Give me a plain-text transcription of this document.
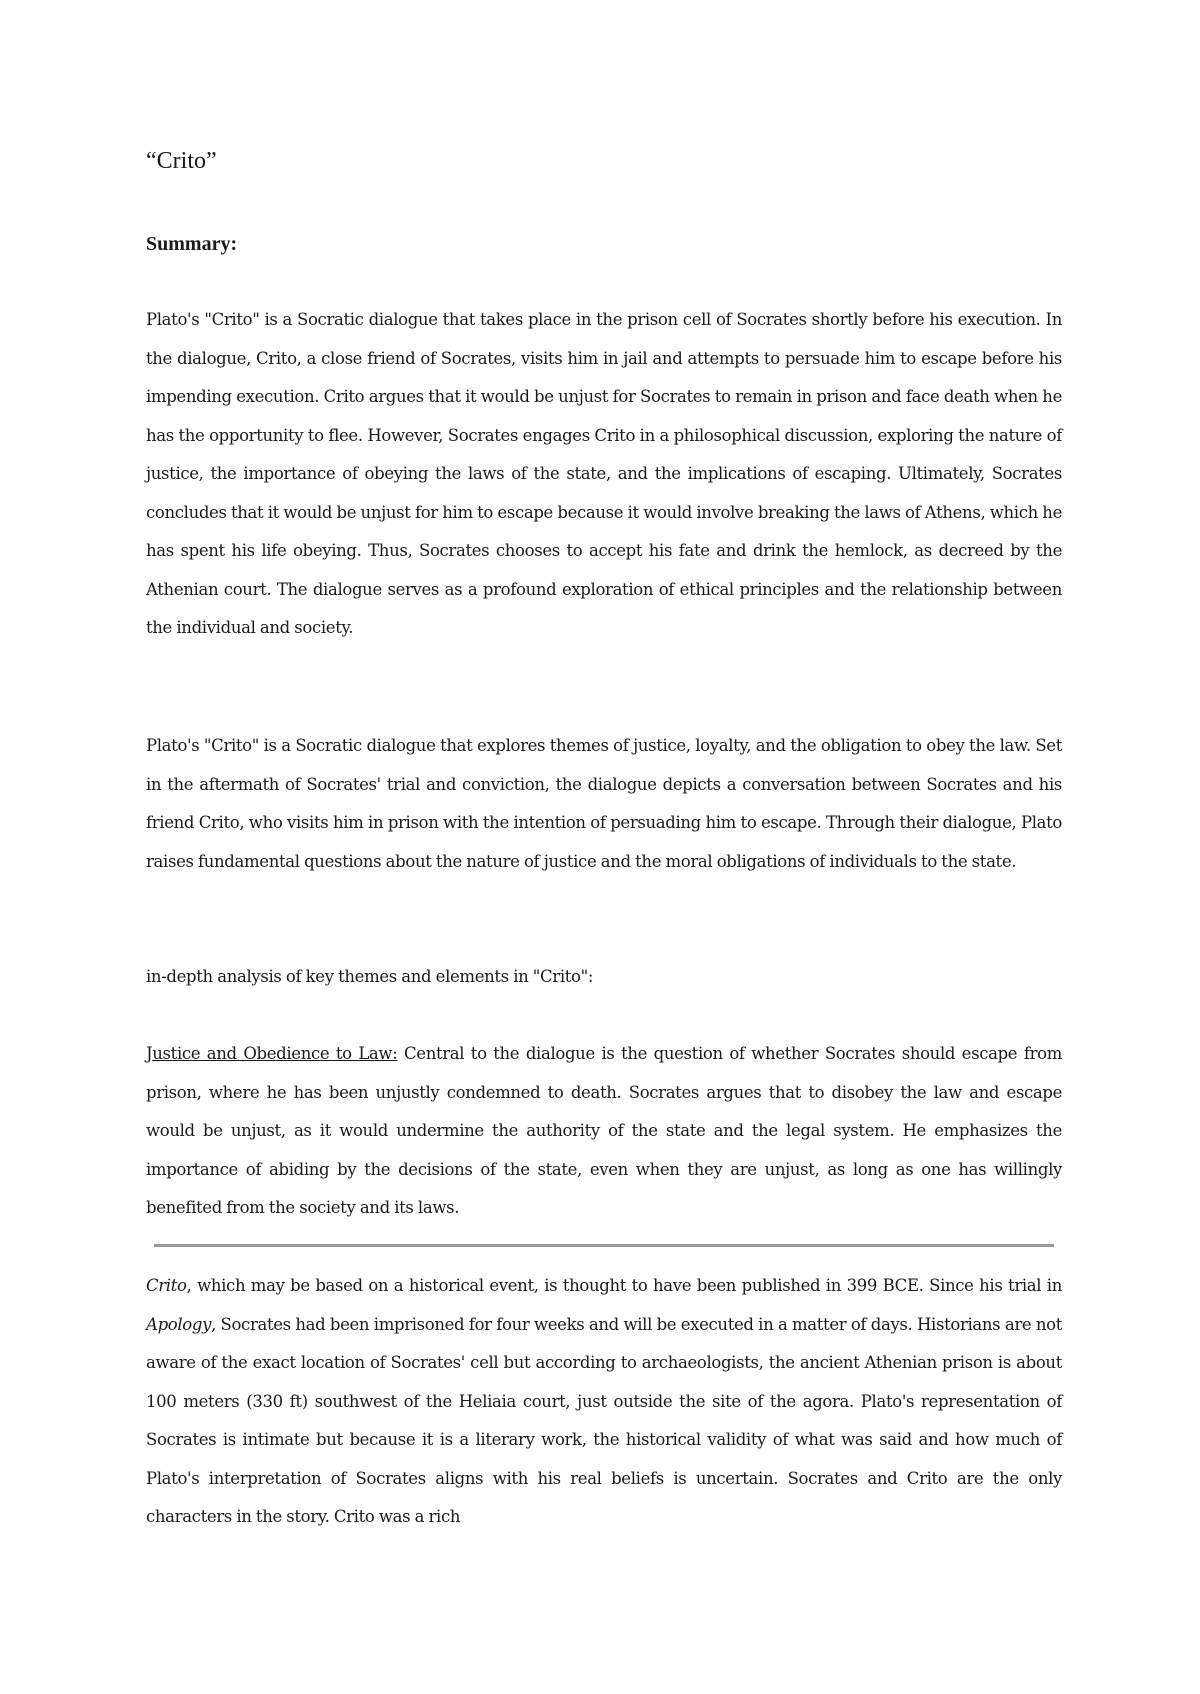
“Crito”
Summary:

Plato's "Crito" is a Socratic dialogue that takes place in the prison cell of Socrates shortly before his execution. In the dialogue, Crito, a close friend of Socrates, visits him in jail and attempts to persuade him to escape before his impending execution. Crito argues that it would be unjust for Socrates to remain in prison and face death when he has the opportunity to flee. However, Socrates engages Crito in a philosophical discussion, exploring the nature of justice, the importance of obeying the laws of the state, and the implications of escaping. Ultimately, Socrates concludes that it would be unjust for him to escape because it would involve breaking the laws of Athens, which he has spent his life obeying. Thus, Socrates chooses to accept his fate and drink the hemlock, as decreed by the Athenian court. The dialogue serves as a profound exploration of ethical principles and the relationship between the individual and society.

Plato's "Crito" is a Socratic dialogue that explores themes of justice, loyalty, and the obligation to obey the law. Set in the aftermath of Socrates' trial and conviction, the dialogue depicts a conversation between Socrates and his friend Crito, who visits him in prison with the intention of persuading him to escape. Through their dialogue, Plato raises fundamental questions about the nature of justice and the moral obligations of individuals to the state.

in-depth analysis of key themes and elements in "Crito":

Justice and Obedience to Law: Central to the dialogue is the question of whether Socrates should escape from prison, where he has been unjustly condemned to death. Socrates argues that to disobey the law and escape would be unjust, as it would undermine the authority of the state and the legal system. He emphasizes the importance of abiding by the decisions of the state, even when they are unjust, as long as one has willingly benefited from the society and its laws.

Crito, which may be based on a historical event, is thought to have been published in 399 BCE. Since his trial in Apology, Socrates had been imprisoned for four weeks and will be executed in a matter of days. Historians are not aware of the exact location of Socrates' cell but according to archaeologists, the ancient Athenian prison is about 100 meters (330 ft) southwest of the Heliaia court, just outside the site of the agora. Plato's representation of Socrates is intimate but because it is a literary work, the historical validity of what was said and how much of Plato's interpretation of Socrates aligns with his real beliefs is uncertain. Socrates and Crito are the only characters in the story. Crito was a rich
